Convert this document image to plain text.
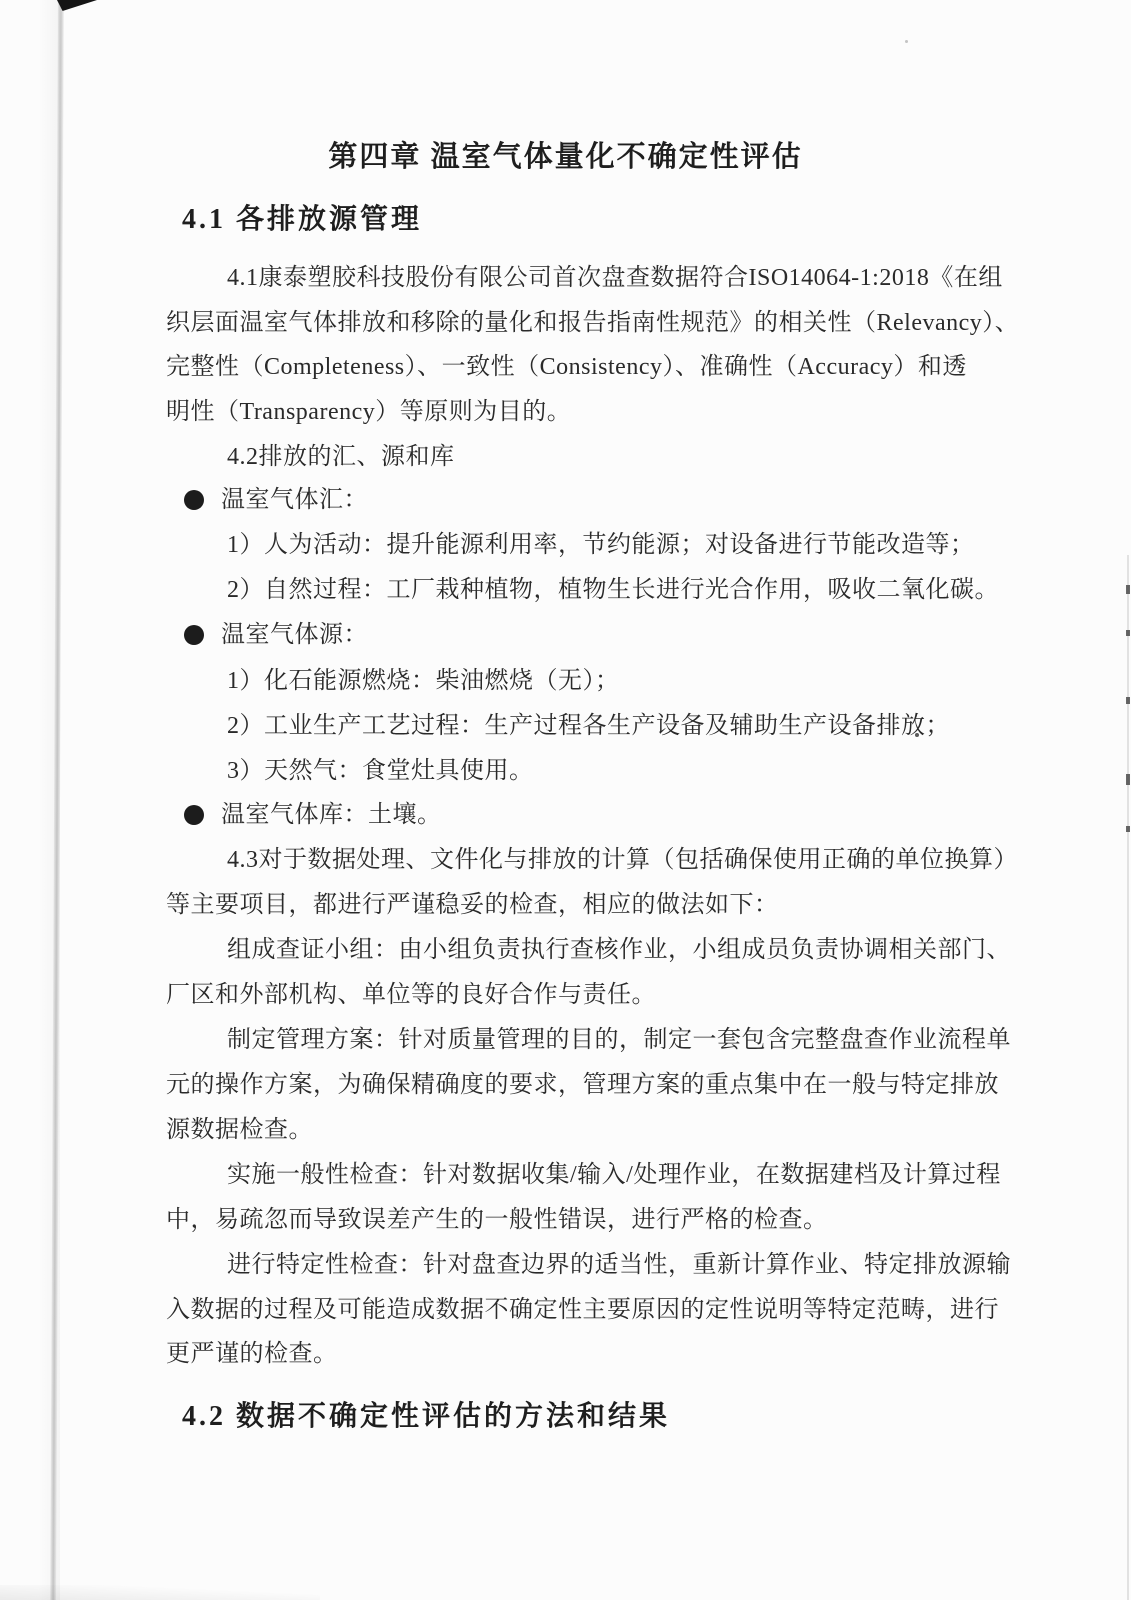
第四章 温室气体量化不确定性评估
4.1 各排放源管理
4.1康泰塑胶科技股份有限公司首次盘查数据符合ISO14064-1:2018《在组
织层面温室气体排放和移除的量化和报告指南性规范》的相关性（Relevancy）、
完整性（Completeness）、一致性（Consistency）、准确性（Accuracy）和透
明性（Transparency）等原则为目的。
4.2排放的汇、源和库
温室气体汇：
1）人为活动：提升能源利用率，节约能源；对设备进行节能改造等；
2）自然过程：工厂栽种植物，植物生长进行光合作用，吸收二氧化碳。
温室气体源：
1）化石能源燃烧：柴油燃烧（无）；
2）工业生产工艺过程：生产过程各生产设备及辅助生产设备排放；
3）天然气：食堂灶具使用。
温室气体库：土壤。
4.3对于数据处理、文件化与排放的计算（包括确保使用正确的单位换算）
等主要项目，都进行严谨稳妥的检查，相应的做法如下：
组成查证小组：由小组负责执行查核作业，小组成员负责协调相关部门、
厂区和外部机构、单位等的良好合作与责任。
制定管理方案：针对质量管理的目的，制定一套包含完整盘查作业流程单
元的操作方案，为确保精确度的要求，管理方案的重点集中在一般与特定排放
源数据检查。
实施一般性检查：针对数据收集/输入/处理作业，在数据建档及计算过程
中，易疏忽而导致误差产生的一般性错误，进行严格的检查。
进行特定性检查：针对盘查边界的适当性，重新计算作业、特定排放源输
入数据的过程及可能造成数据不确定性主要原因的定性说明等特定范畴，进行
更严谨的检查。
4.2 数据不确定性评估的方法和结果
